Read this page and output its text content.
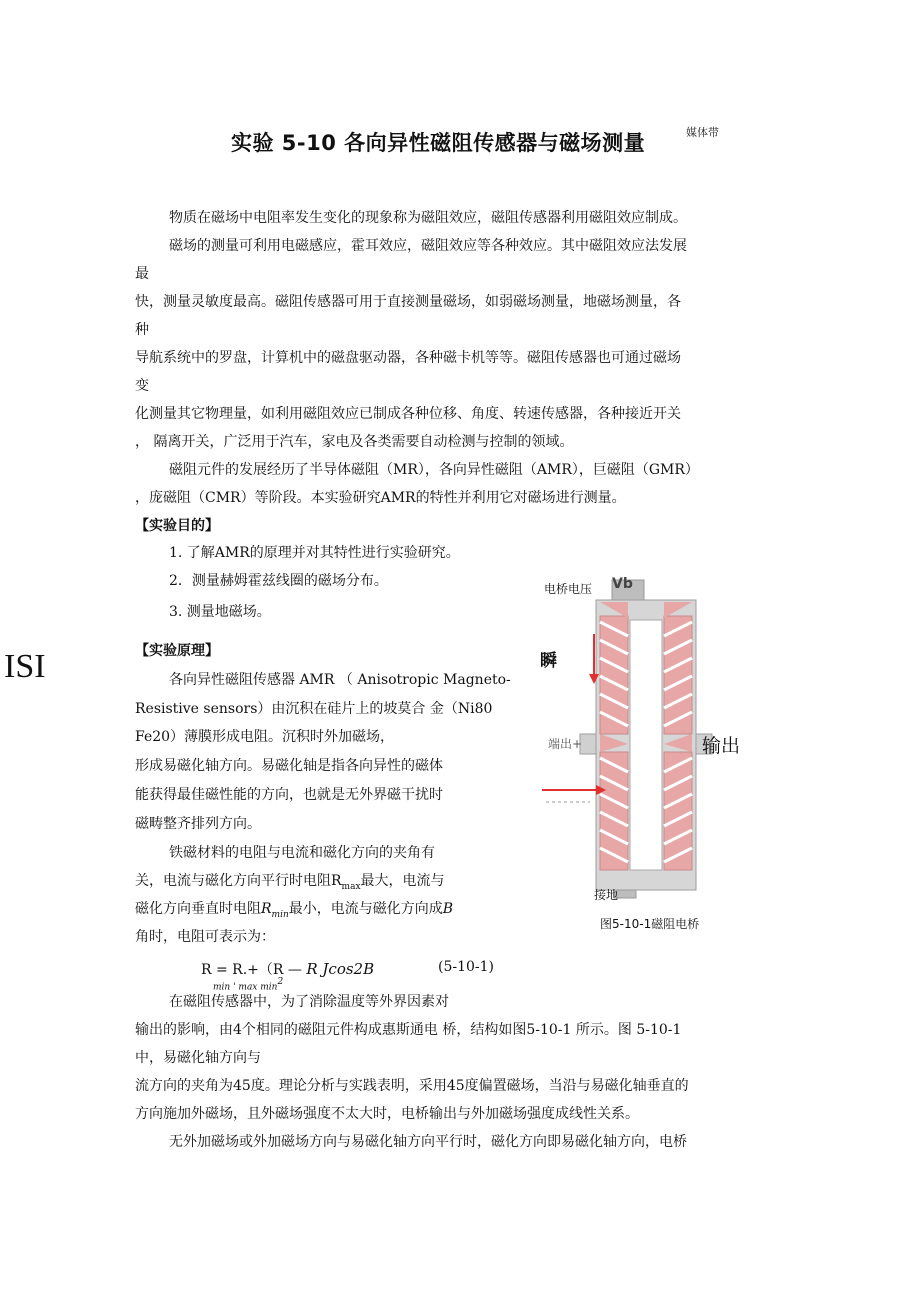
实验 5-10 各向异性磁阻传感器与磁场测量	媒体带
ISI
物质在磁场中电阻率发生变化的现象称为磁阻效应，磁阻传感器利用磁阻效应制成。
磁场的测量可利用电磁感应，霍耳效应，磁阻效应等各种效应。其中磁阻效应法发展
最
快，测量灵敏度最高。磁阻传感器可用于直接测量磁场，如弱磁场测量，地磁场测量，各
种
导航系统中的罗盘，计算机中的磁盘驱动器，各种磁卡机等等。磁阻传感器也可通过磁场
变
化测量其它物理量，如利用磁阻效应已制成各种位移、角度、转速传感器，各种接近开关
， 隔离开关，广泛用于汽车，家电及各类需要自动检测与控制的领域。
磁阻元件的发展经历了半导体磁阻（MR），各向异性磁阻（AMR），巨磁阻（GMR）
，庞磁阻（CMR）等阶段。本实验研究AMR的特性并利用它对磁场进行测量。
【实验目的】
1. 了解AMR的原理并对其特性进行实验研究。
2．测量赫姆霍兹线圈的磁场分布。
3. 测量地磁场。
【实验原理】
各向异性磁阻传感器 AMR （ Anisotropic Magneto-
Resistive sensors）由沉积在硅片上的坡莫合 金（Ni80
Fe20）薄膜形成电阻。沉积时外加磁场，
形成易磁化轴方向。易磁化轴是指各向异性的磁体
能获得最佳磁性能的方向，也就是无外界磁干扰时
磁畴整齐排列方向。
铁磁材料的电阻与电流和磁化方向的夹角有
关，电流与磁化方向平行时电阻$R_{max}$最大，电流与
磁化方向垂直时电阻$R_{min}$最小，电流与磁化方向成B
角时，电阻可表示为：
R = R.+（R — R Jcos2B
min ' $\max \min^2$
(5-10-1)
在磁阻传感器中，为了消除温度等外界因素对
输出的影响，由4个相同的磁阻元件构成惠斯通电 桥，结构如图5-10-1 所示。图 5-10-1
中，易磁化轴方向与
流方向的夹角为45度。理论分析与实践表明，采用45度偏置磁场，当沿与易磁化轴垂直的
方向施加外磁场，且外磁场强度不太大时，电桥输出与外加磁场强度成线性关系。
无外加磁场或外加磁场方向与易磁化轴方向平行时，磁化方向即易磁化轴方向，电桥
电桥电压 Vb
瞬
端出+	输出
接地
图5-10-1磁阻电桥
